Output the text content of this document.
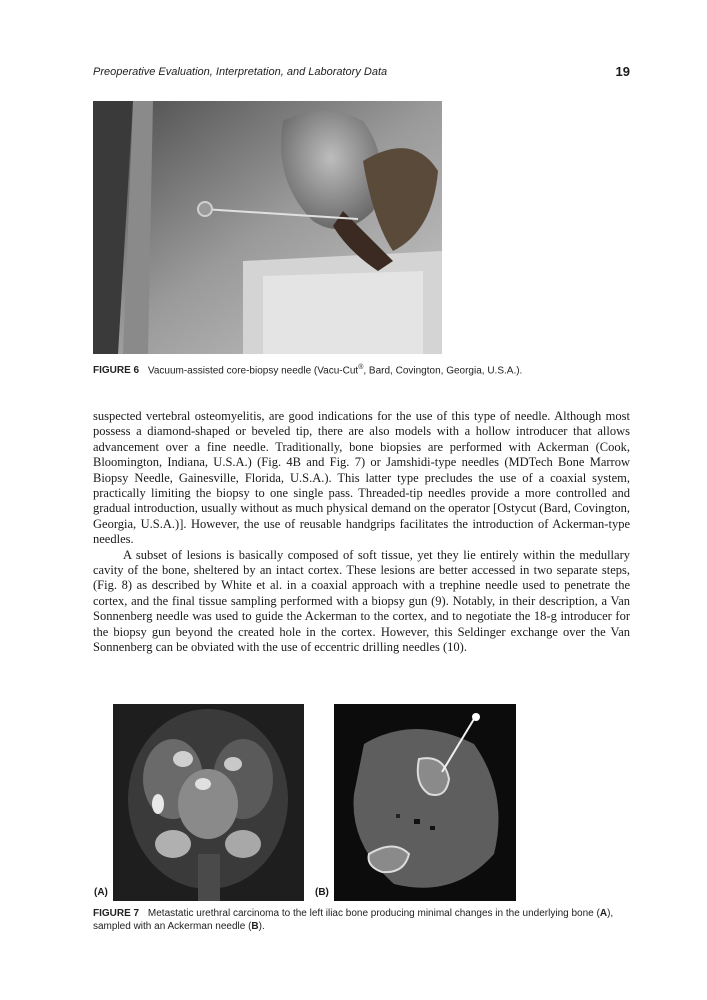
Preoperative Evaluation, Interpretation, and Laboratory Data	19
FIGURE 6 Vacuum-assisted core-biopsy needle (Vacu-Cut®, Bard, Covington, Georgia, U.S.A.).

suspected vertebral osteomyelitis, are good indications for the use of this type of needle. Although most possess a diamond-shaped or beveled tip, there are also models with a hollow introducer that allows advancement over a fine needle. Traditionally, bone biopsies are performed with Ackerman (Cook, Bloomington, Indiana, U.S.A.) (Fig. 4B and Fig. 7) or Jamshidi-type needles (MDTech Bone Marrow Biopsy Needle, Gainesville, Florida, U.S.A.). This latter type precludes the use of a coaxial system, practically limiting the biopsy to one single pass. Threaded-tip needles provide a more controlled and gradual introduction, usually without as much physical demand on the operator [Ostycut (Bard, Covington, Georgia, U.S.A.)]. However, the use of reusable handgrips facilitates the introduction of Ackerman-type needles.

A subset of lesions is basically composed of soft tissue, yet they lie entirely within the medullary cavity of the bone, sheltered by an intact cortex. These lesions are better accessed in two separate steps, (Fig. 8) as described by White et al. in a coaxial approach with a trephine needle used to penetrate the cortex, and the final tissue sampling performed with a biopsy gun (9). Notably, in their description, a Van Sonnenberg needle was used to guide the Ackerman to the cortex, and to negotiate the 18-g introducer for the biopsy gun beyond the created hole in the cortex. However, this Seldinger exchange over the Van Sonnenberg can be obviated with the use of eccentric drilling needles (10).

(A)	(B)
FIGURE 7 Metastatic urethral carcinoma to the left iliac bone producing minimal changes in the underlying bone (A), sampled with an Ackerman needle (B).
